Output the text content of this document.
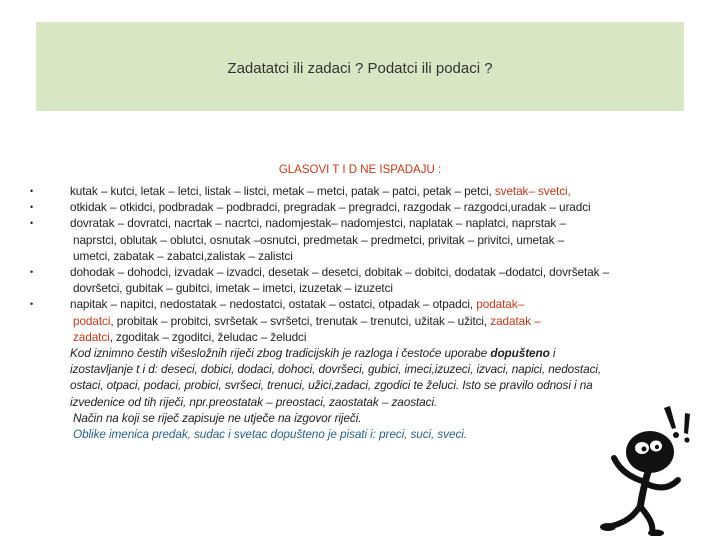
Zadatatci ili zadaci ? Podatci ili podaci ?
GLASOVI T I D NE ISPADAJU :
•	kutak – kutci, letak – letci, listak – listci, metak – metci, patak – patci, petak – petci, svetak– svetci,
•	otkidak – otkidci, podbradak – podbradci, pregradak – pregradci, razgodak – razgodci,uradak – uradci
•	dovratak – dovratci, nacrtak – nacrtci, nadomjestak– nadomjestci, naplatak – naplatci, naprstak –
naprstci, oblutak – oblutci, osnutak –osnutci, predmetak – predmetci, privitak – privitci, umetak –
umetci, zabatak – zabatci,zalistak – zalistci
•	dohodak – dohodci, izvadak – izvadci, desetak – desetci, dobitak – dobitci, dodatak –dodatci, dovršetak –
dovršetci, gubitak – gubitci, imetak – imetci, izuzetak – izuzetci
•	napitak – napitci, nedostatak – nedostatci, ostatak – ostatci, otpadak – otpadci, podatak–
podatci, probitak – probitci, svršetak – svršetci, trenutak – trenutci, užitak – užitci, zadatak –
zadatci, zgoditak – zgoditci, želudac – želudci
Kod iznimno čestih višesložnih riječi zbog tradicijskih je razloga i čestoće uporabe dopušteno i
izostavljanje t i d: deseci, dobici, dodaci, dohoci, dovršeci, gubici, imeci,izuzeci, izvaci, napici, nedostaci,
ostaci, otpaci, podaci, probici, svršeci, trenuci, užici,zadaci, zgodici te želuci. Isto se pravilo odnosi i na
izvedenice od tih riječi, npr.preostatak – preostaci, zaostatak – zaostaci.
Način na koji se riječ zapisuje ne utječe na izgovor riječi.
Oblike imenica predak, sudac i svetac dopušteno je pisati i: preci, suci, sveci.
